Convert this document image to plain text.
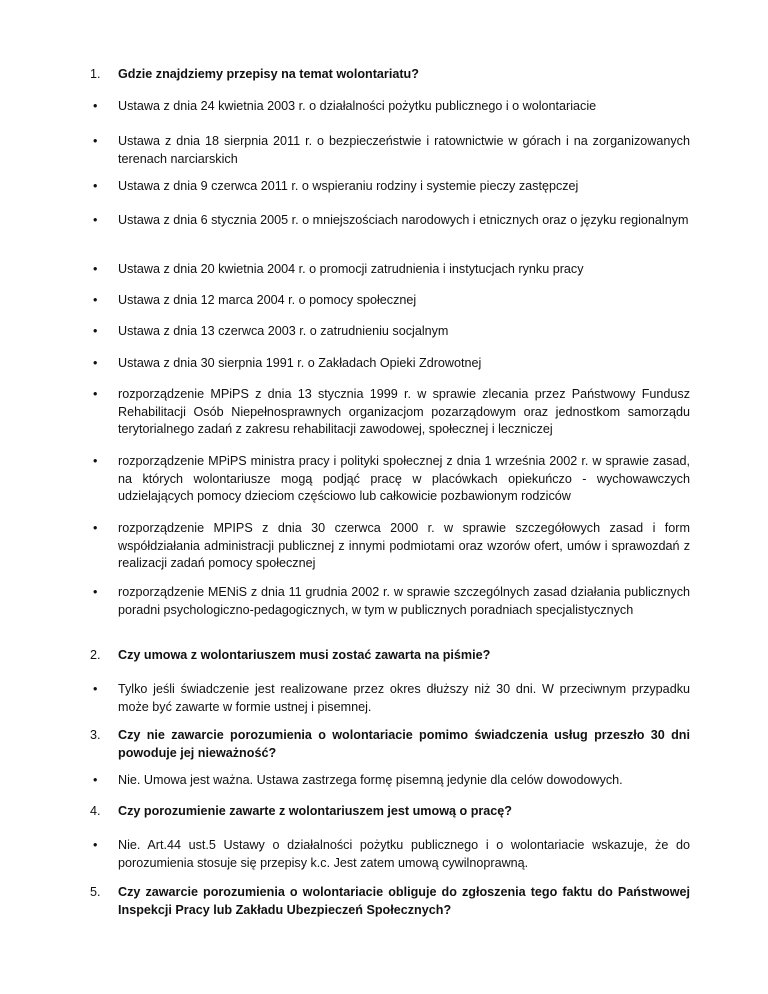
1. Gdzie znajdziemy przepisy na temat wolontariatu?
• Ustawa z dnia 24 kwietnia 2003 r. o działalności pożytku publicznego i o wolontariacie
• Ustawa z dnia 18 sierpnia 2011 r. o bezpieczeństwie i ratownictwie w górach i na zorganizowanych terenach narciarskich
• Ustawa z dnia 9 czerwca 2011 r. o wspieraniu rodziny i systemie pieczy zastępczej
• Ustawa z dnia 6 stycznia 2005 r. o mniejszościach narodowych i etnicznych oraz o języku regionalnym
• Ustawa z dnia 20 kwietnia 2004 r. o promocji zatrudnienia i instytucjach rynku pracy
• Ustawa z dnia 12 marca 2004 r. o pomocy społecznej
• Ustawa z dnia 13 czerwca 2003 r. o zatrudnieniu socjalnym
• Ustawa z dnia 30 sierpnia 1991 r. o Zakładach Opieki Zdrowotnej
• rozporządzenie MPiPS z dnia 13 stycznia 1999 r. w sprawie zlecania przez Państwowy Fundusz Rehabilitacji Osób Niepełnosprawnych organizacjom pozarządowym oraz jednostkom samorządu terytorialnego zadań z zakresu rehabilitacji zawodowej, społecznej i leczniczej
• rozporządzenie MPiPS ministra pracy i polityki społecznej z dnia 1 września 2002 r. w sprawie zasad, na których wolontariusze mogą podjąć pracę w placówkach opiekuńczo - wychowawczych udzielających pomocy dzieciom częściowo lub całkowicie pozbawionym rodziców
• rozporządzenie MPIPS z dnia 30 czerwca 2000 r. w sprawie szczegółowych zasad i form współdziałania administracji publicznej z innymi podmiotami oraz wzorów ofert, umów i sprawozdań z realizacji zadań pomocy społecznej
• rozporządzenie MENiS z dnia 11 grudnia 2002 r. w sprawie szczególnych zasad działania publicznych poradni psychologiczno-pedagogicznych, w tym w publicznych poradniach specjalistycznych
2. Czy umowa z wolontariuszem musi zostać zawarta na piśmie?
• Tylko jeśli świadczenie jest realizowane przez okres dłuższy niż 30 dni. W przeciwnym przypadku może być zawarte w formie ustnej i pisemnej.
3. Czy nie zawarcie porozumienia o wolontariacie pomimo świadczenia usług przeszło 30 dni powoduje jej nieważność?
• Nie. Umowa jest ważna. Ustawa zastrzega formę pisemną jedynie dla celów dowodowych.
4. Czy porozumienie zawarte z wolontariuszem jest umową o pracę?
• Nie. Art.44 ust.5 Ustawy o działalności pożytku publicznego i o wolontariacie wskazuje, że do porozumienia stosuje się przepisy k.c. Jest zatem umową cywilnoprawną.
5. Czy zawarcie porozumienia o wolontariacie obliguje do zgłoszenia tego faktu do Państwowej Inspekcji Pracy lub Zakładu Ubezpieczeń Społecznych?
